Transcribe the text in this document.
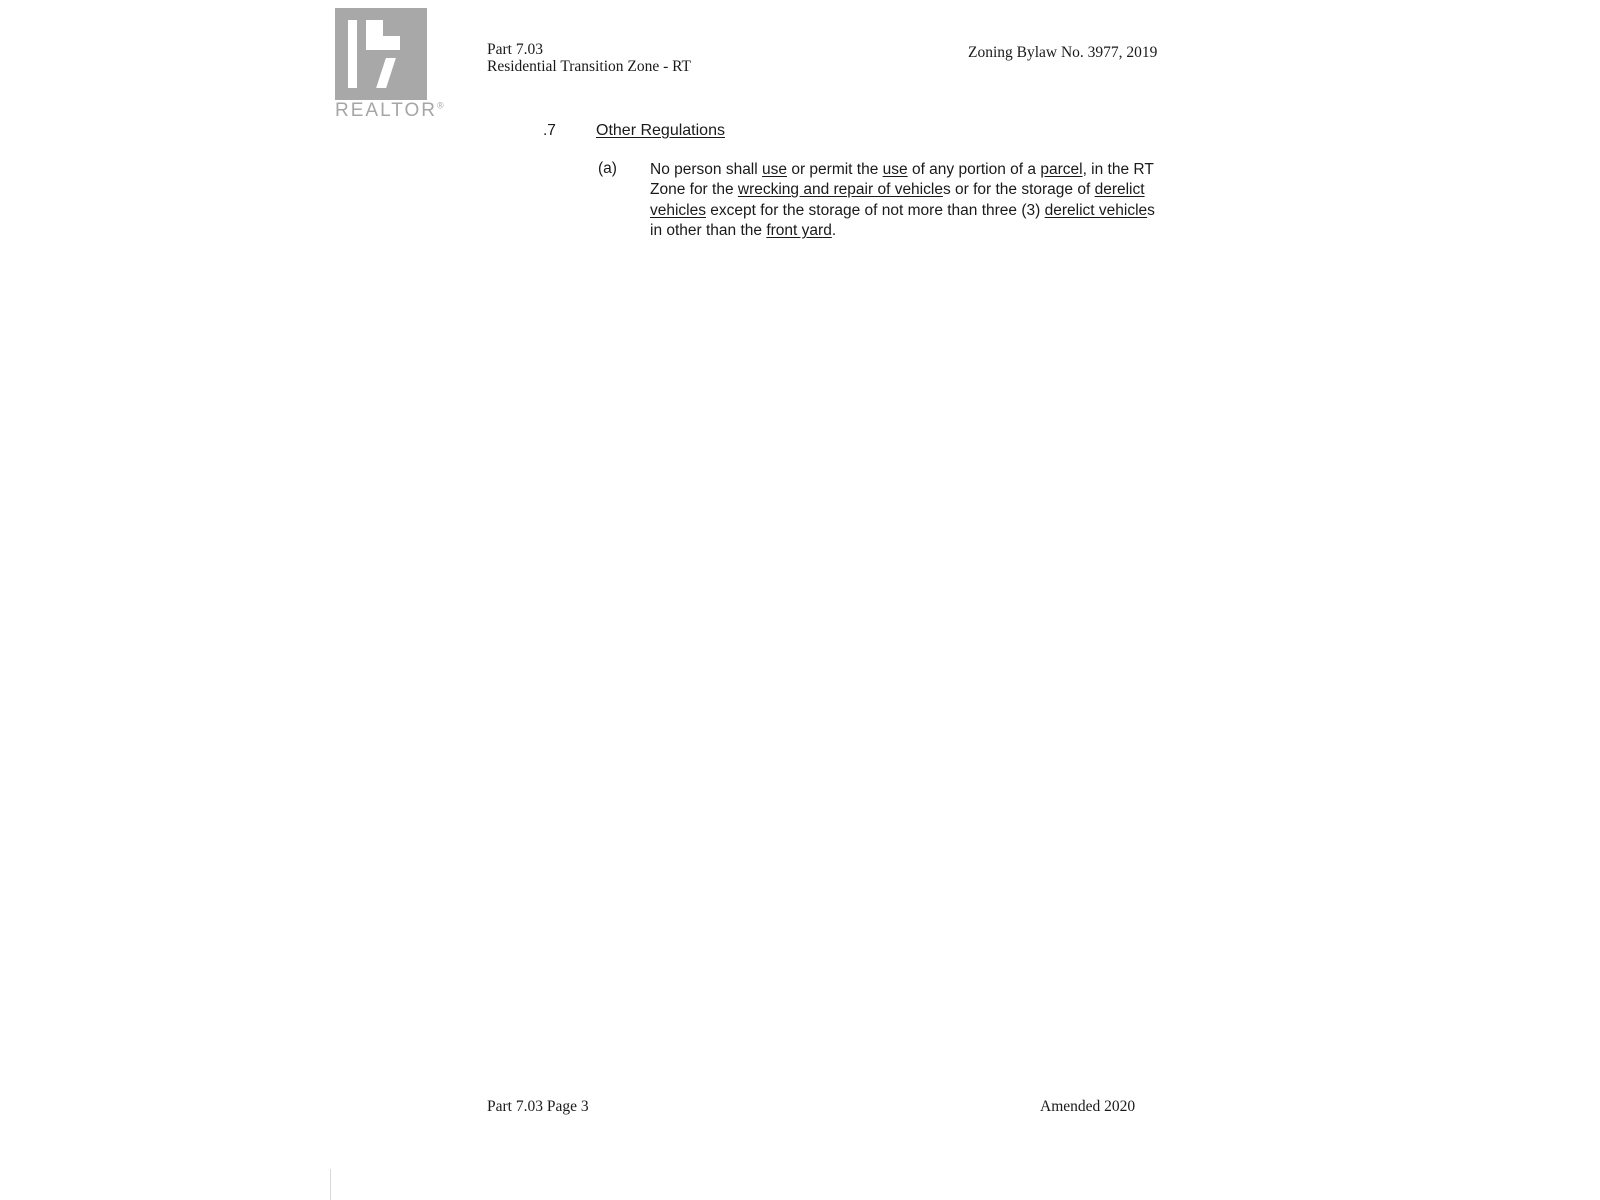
REALTOR®
Part 7.03
Residential Transition Zone - RT
Zoning Bylaw No. 3977, 2019
.7	Other Regulations
(a) No person shall use or permit the use of any portion of a parcel, in the RT Zone for the wrecking and repair of vehicles or for the storage of derelict vehicles except for the storage of not more than three (3) derelict vehicles in other than the front yard.
Part 7.03 Page 3	Amended 2020
